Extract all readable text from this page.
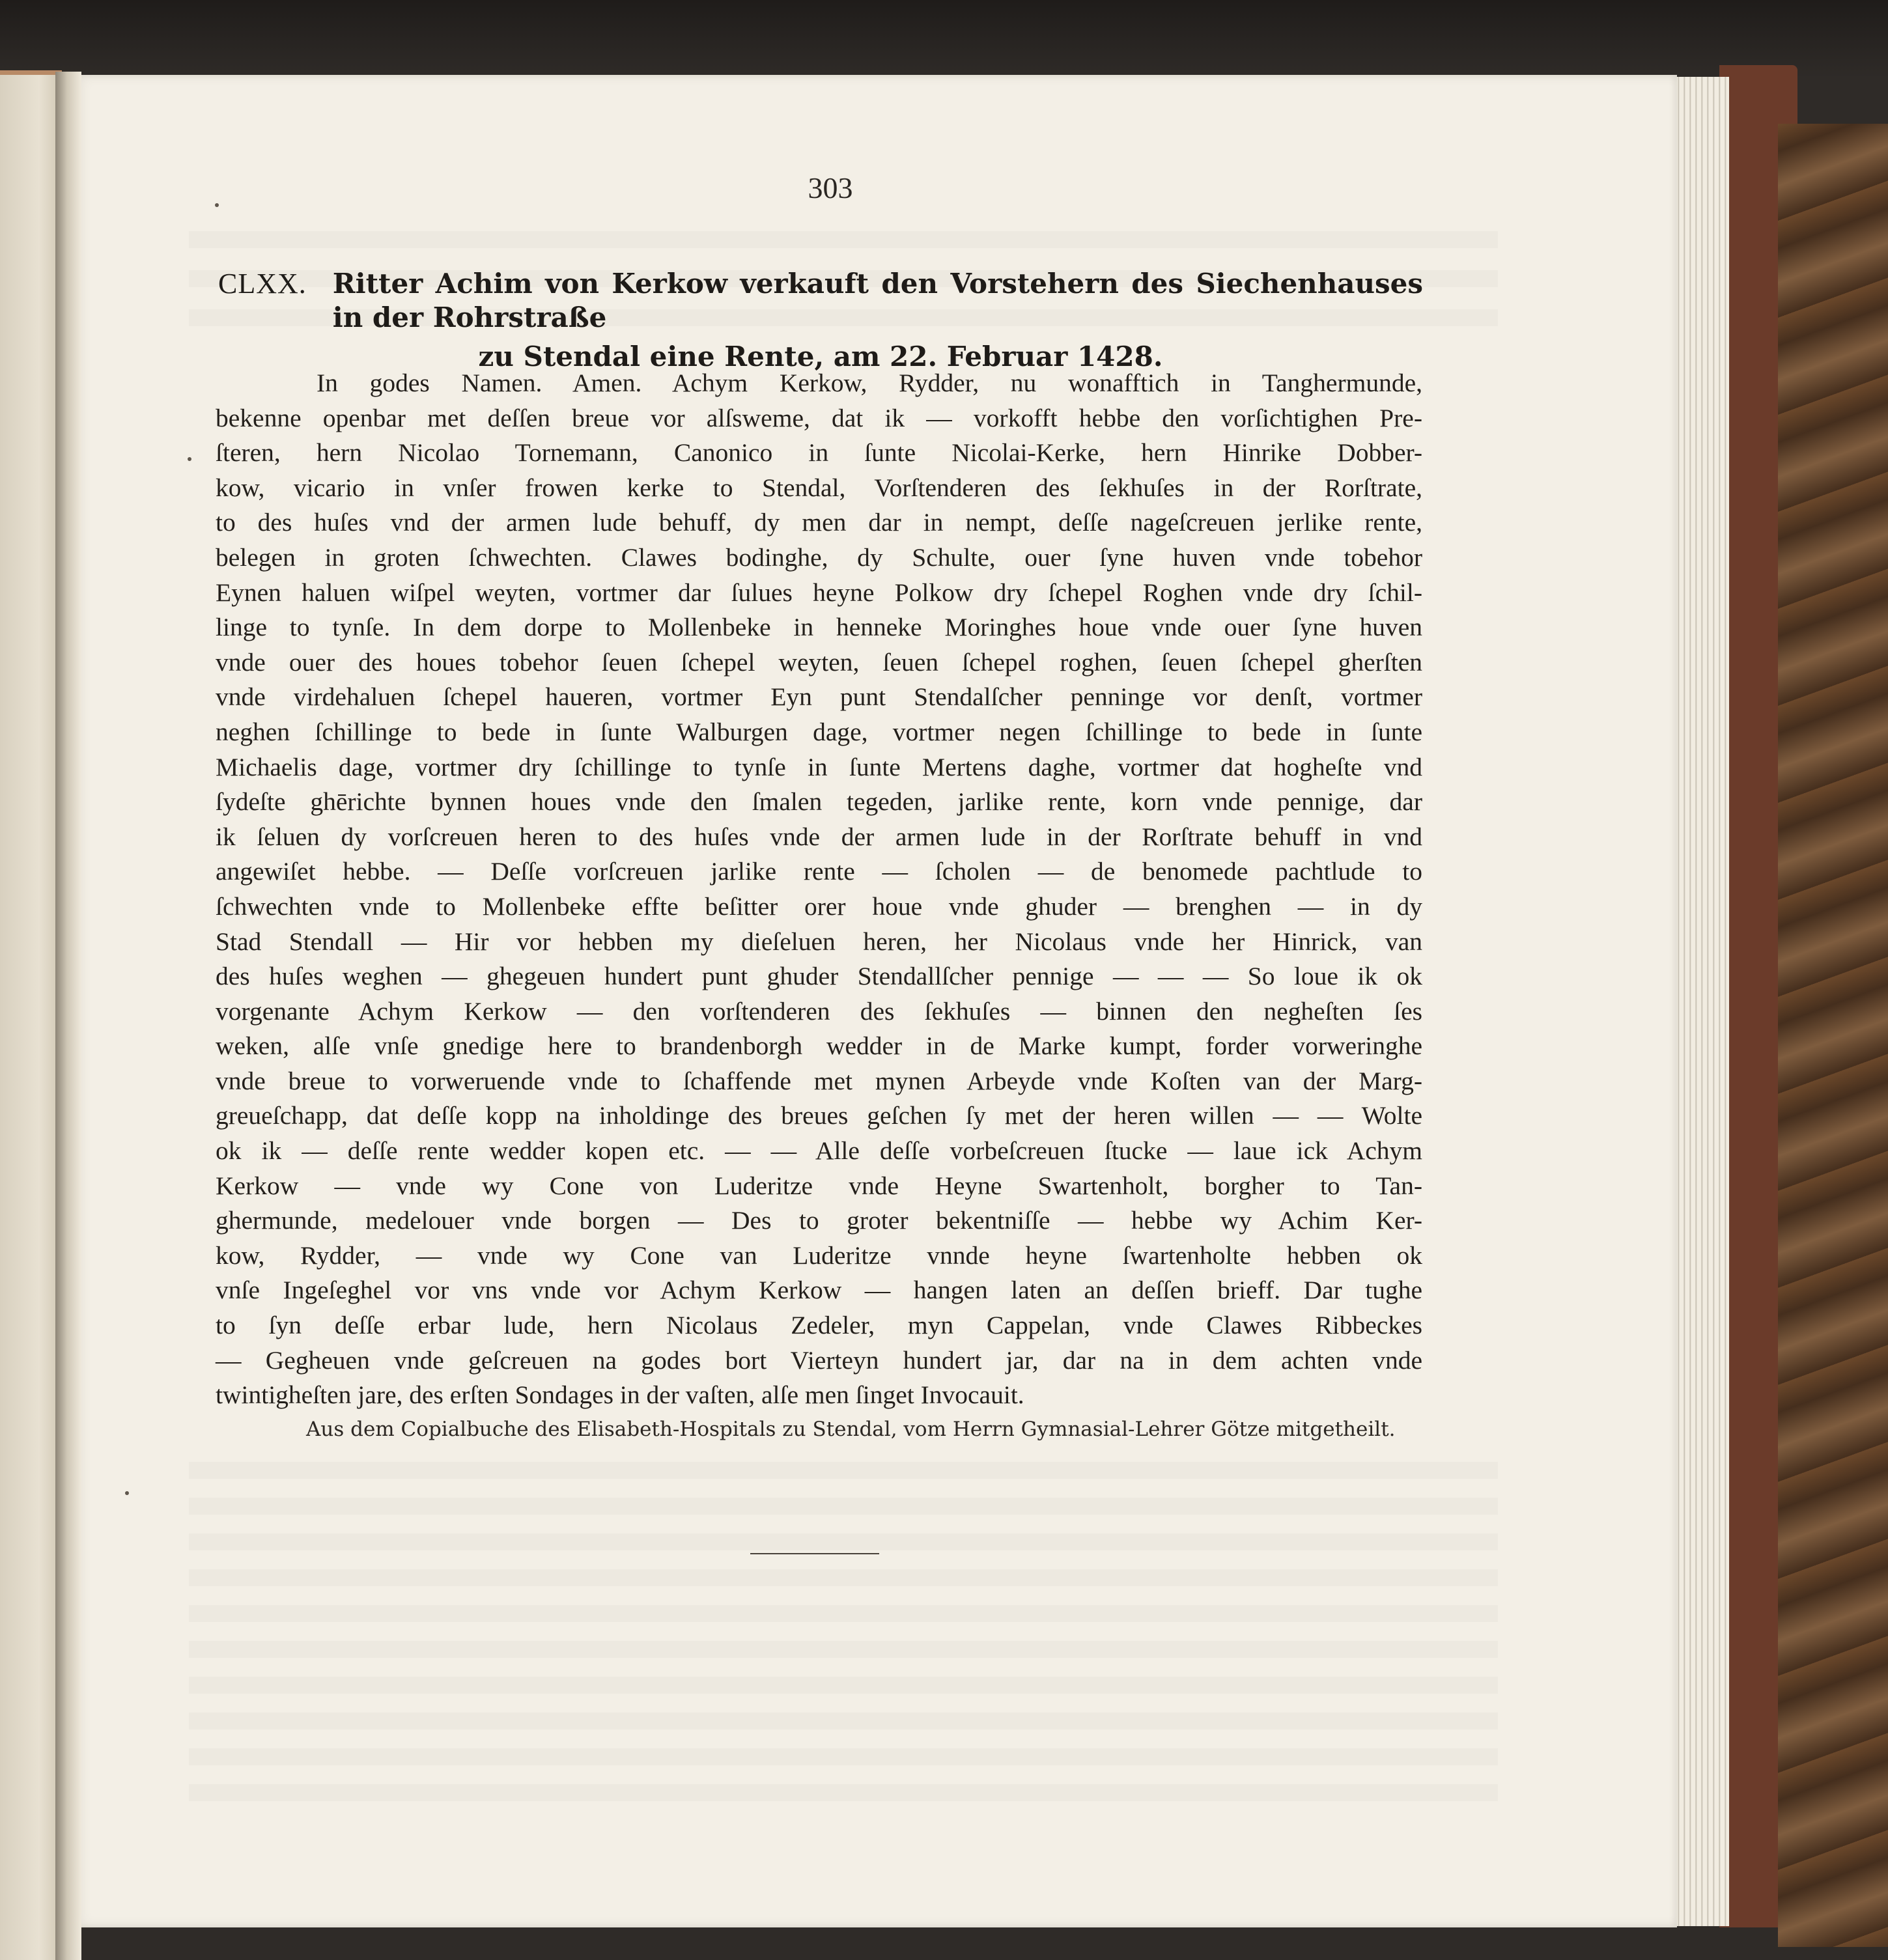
303
CLXX. Ritter Achim von Kerkow verkauft den Vorstehern des Siechenhauses in der Rohrstraße
zu Stendal eine Rente, am 22. Februar 1428.
In godes Namen. Amen. Achym Kerkow, Rydder, nu wonafftich in Tanghermunde,
bekenne openbar met deſſen breue vor alſsweme, dat ik — vorkofft hebbe den vorſichtighen Pre-
ſteren, hern Nicolao Tornemann, Canonico in ſunte Nicolai-Kerke, hern Hinrike Dobber-
kow, vicario in vnſer frowen kerke to Stendal, Vorſtenderen des ſekhuſes in der Rorſtrate,
to des huſes vnd der armen lude behuff, dy men dar in nempt, deſſe nageſcreuen jerlike rente,
belegen in groten ſchwechten. Clawes bodinghe, dy Schulte, ouer ſyne huven vnde tobehor
Eynen haluen wiſpel weyten, vortmer dar ſulues heyne Polkow dry ſchepel Roghen vnde dry ſchil-
linge to tynſe. In dem dorpe to Mollenbeke in henneke Moringhes houe vnde ouer ſyne huven
vnde ouer des houes tobehor ſeuen ſchepel weyten, ſeuen ſchepel roghen, ſeuen ſchepel gherſten
vnde virdehaluen ſchepel haueren, vortmer Eyn punt Stendalſcher penninge vor denſt, vortmer
neghen ſchillinge to bede in ſunte Walburgen dage, vortmer negen ſchillinge to bede in ſunte
Michaelis dage, vortmer dry ſchillinge to tynſe in ſunte Mertens daghe, vortmer dat hogheſte vnd
ſydeſte ghērichte bynnen houes vnde den ſmalen tegeden, jarlike rente, korn vnde pennige, dar
ik ſeluen dy vorſcreuen heren to des huſes vnde der armen lude in der Rorſtrate behuff in vnd
angewiſet hebbe. — Deſſe vorſcreuen jarlike rente — ſcholen — de benomede pachtlude to
ſchwechten vnde to Mollenbeke effte beſitter orer houe vnde ghuder — brenghen — in dy
Stad Stendall — Hir vor hebben my dieſeluen heren, her Nicolaus vnde her Hinrick, van
des huſes weghen — ghegeuen hundert punt ghuder Stendallſcher pennige — — — So loue ik ok
vorgenante Achym Kerkow — den vorſtenderen des ſekhuſes — binnen den negheſten ſes
weken, alſe vnſe gnedige here to brandenborgh wedder in de Marke kumpt, forder vorweringhe
vnde breue to vorweruende vnde to ſchaffende met mynen Arbeyde vnde Koſten van der Marg-
greueſchapp, dat deſſe kopp na inholdinge des breues geſchen ſy met der heren willen — — Wolte
ok ik — deſſe rente wedder kopen etc. — — Alle deſſe vorbeſcreuen ſtucke — laue ick Achym
Kerkow — vnde wy Cone von Luderitze vnde Heyne Swartenholt, borgher to Tan-
ghermunde, medelouer vnde borgen — Des to groter bekentniſſe — hebbe wy Achim Ker-
kow, Rydder, — vnde wy Cone van Luderitze vnnde heyne ſwartenholte hebben ok
vnſe Ingeſeghel vor vns vnde vor Achym Kerkow — hangen laten an deſſen brieff. Dar tughe
to ſyn deſſe erbar lude, hern Nicolaus Zedeler, myn Cappelan, vnde Clawes Ribbeckes
— Gegheuen vnde geſcreuen na godes bort Vierteyn hundert jar, dar na in dem achten vnde
twintigheſten jare, des erſten Sondages in der vaſten, alſe men ſinget Invocauit.
Aus dem Copialbuche des Elisabeth-Hospitals zu Stendal, vom Herrn Gymnasial-Lehrer Götze mitgetheilt.
